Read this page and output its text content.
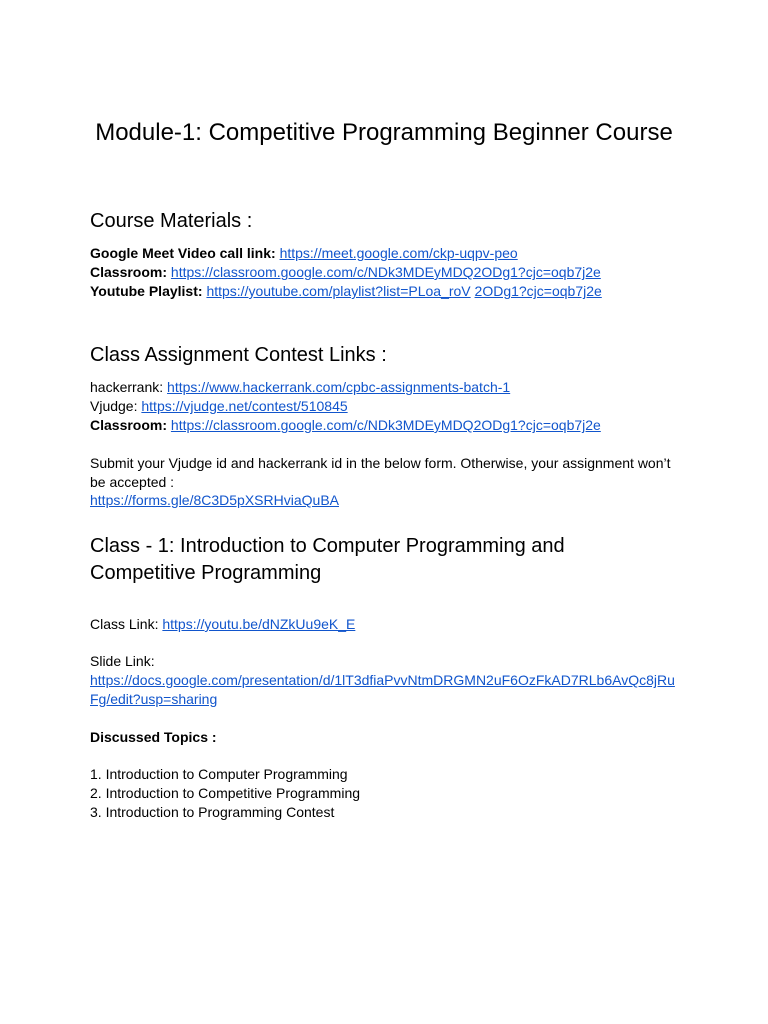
Module-1: Competitive Programming Beginner Course
Course Materials :
Google Meet Video call link: https://meet.google.com/ckp-uqpv-peo
Classroom: https://classroom.google.com/c/NDk3MDEyMDQ2ODg1?cjc=oqb7j2e
Youtube Playlist: https://youtube.com/playlist?list=PLoa_roV 2ODg1?cjc=oqb7j2e
Class Assignment Contest Links :
hackerrank: https://www.hackerrank.com/cpbc-assignments-batch-1
Vjudge: https://vjudge.net/contest/510845
Classroom: https://classroom.google.com/c/NDk3MDEyMDQ2ODg1?cjc=oqb7j2e
Submit your Vjudge id and hackerrank id in the below form. Otherwise, your assignment won’t be accepted :
https://forms.gle/8C3D5pXSRHviaQuBA
Class - 1: Introduction to Computer Programming and Competitive Programming
Class Link: https://youtu.be/dNZkUu9eK_E
Slide Link:
https://docs.google.com/presentation/d/1lT3dfiaPvvNtmDRGMN2uF6OzFkAD7RLb6AvQc8jRuFg/edit?usp=sharing
Discussed Topics :
1. Introduction to Computer Programming
2. Introduction to Competitive Programming
3. Introduction to Programming Contest
